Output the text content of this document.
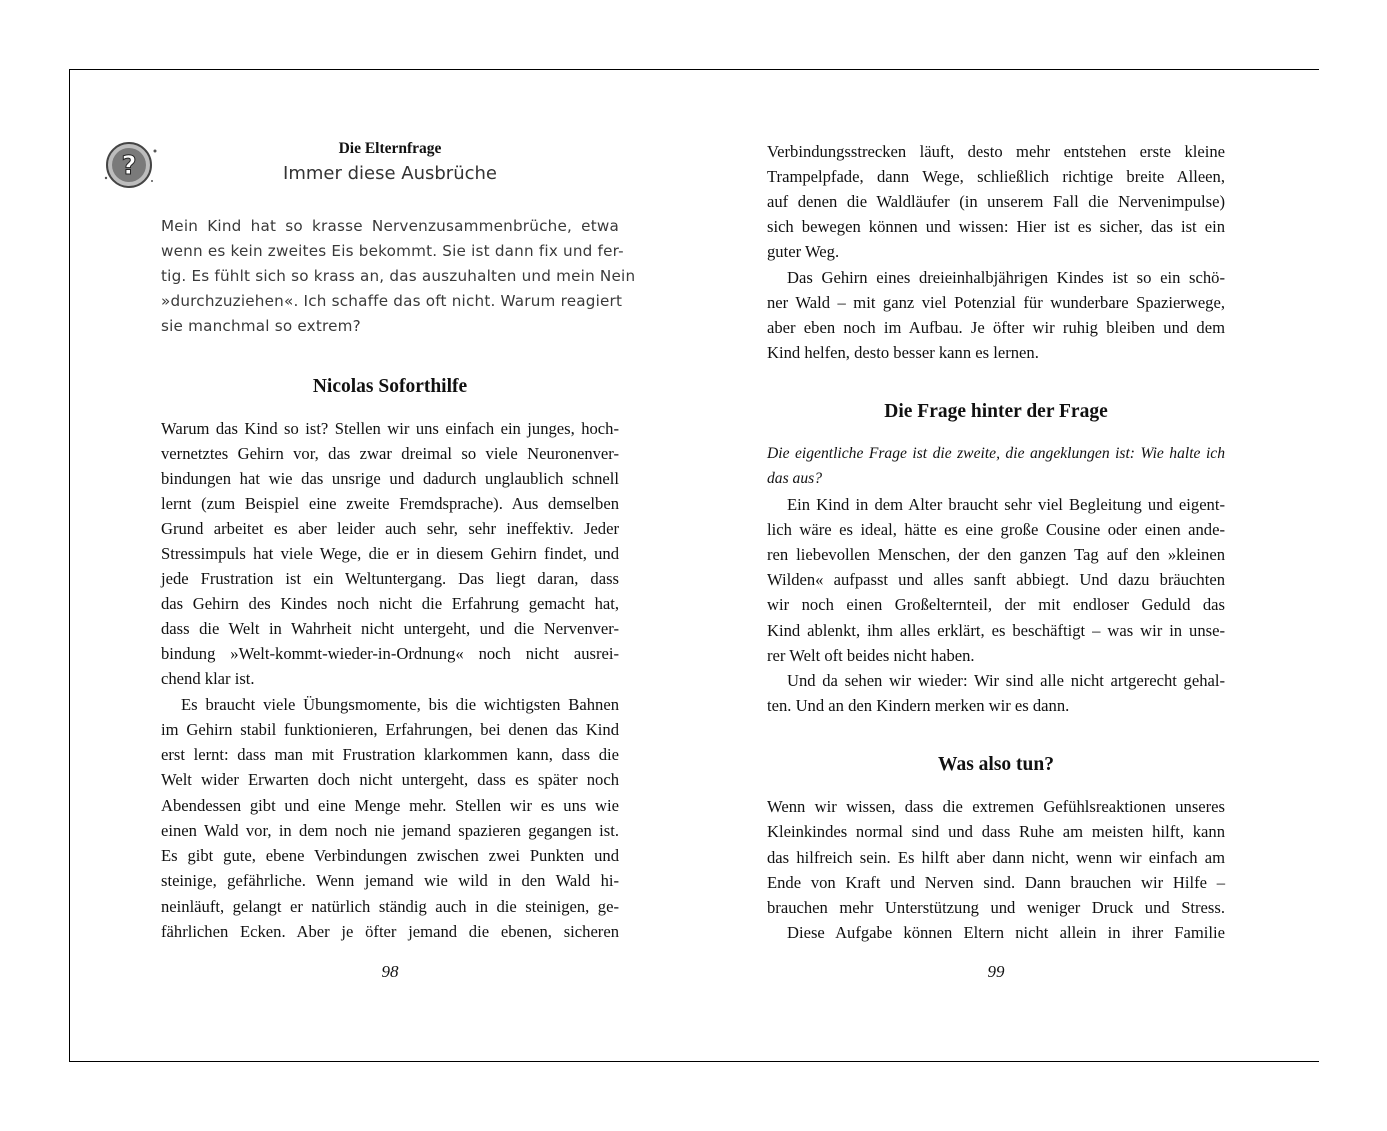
?
Die Elternfrage
Immer diese Ausbrüche
Mein Kind hat so krasse Nervenzusammenbrüche, etwa
wenn es kein zweites Eis bekommt. Sie ist dann fix und fer-
tig. Es fühlt sich so krass an, das auszuhalten und mein Nein
»durchzuziehen«. Ich schaffe das oft nicht. Warum reagiert
sie manchmal so extrem?
Nicolas Soforthilfe
Warum das Kind so ist? Stellen wir uns einfach ein junges, hoch-
vernetztes Gehirn vor, das zwar dreimal so viele Neuronenver-
bindungen hat wie das unsrige und dadurch unglaublich schnell
lernt (zum Beispiel eine zweite Fremdsprache). Aus demselben
Grund arbeitet es aber leider auch sehr, sehr ineffektiv. Jeder
Stressimpuls hat viele Wege, die er in diesem Gehirn findet, und
jede Frustration ist ein Weltuntergang. Das liegt daran, dass
das Gehirn des Kindes noch nicht die Erfahrung gemacht hat,
dass die Welt in Wahrheit nicht untergeht, und die Nervenver-
bindung »Welt-kommt-wieder-in-Ordnung« noch nicht ausrei-
chend klar ist.
Es braucht viele Übungsmomente, bis die wichtigsten Bahnen
im Gehirn stabil funktionieren, Erfahrungen, bei denen das Kind
erst lernt: dass man mit Frustration klarkommen kann, dass die
Welt wider Erwarten doch nicht untergeht, dass es später noch
Abendessen gibt und eine Menge mehr. Stellen wir es uns wie
einen Wald vor, in dem noch nie jemand spazieren gegangen ist.
Es gibt gute, ebene Verbindungen zwischen zwei Punkten und
steinige, gefährliche. Wenn jemand wie wild in den Wald hi-
neinläuft, gelangt er natürlich ständig auch in die steinigen, ge-
fährlichen Ecken. Aber je öfter jemand die ebenen, sicheren
98
Verbindungsstrecken läuft, desto mehr entstehen erste kleine
Trampelpfade, dann Wege, schließlich richtige breite Alleen,
auf denen die Waldläufer (in unserem Fall die Nervenimpulse)
sich bewegen können und wissen: Hier ist es sicher, das ist ein
guter Weg.
Das Gehirn eines dreieinhalbjährigen Kindes ist so ein schö-
ner Wald – mit ganz viel Potenzial für wunderbare Spazierwege,
aber eben noch im Aufbau. Je öfter wir ruhig bleiben und dem
Kind helfen, desto besser kann es lernen.
Die Frage hinter der Frage
Die eigentliche Frage ist die zweite, die angeklungen ist: Wie halte ich
das aus?
Ein Kind in dem Alter braucht sehr viel Begleitung und eigent-
lich wäre es ideal, hätte es eine große Cousine oder einen ande-
ren liebevollen Menschen, der den ganzen Tag auf den »kleinen
Wilden« aufpasst und alles sanft abbiegt. Und dazu bräuchten
wir noch einen Großelternteil, der mit endloser Geduld das
Kind ablenkt, ihm alles erklärt, es beschäftigt – was wir in unse-
rer Welt oft beides nicht haben.
Und da sehen wir wieder: Wir sind alle nicht artgerecht gehal-
ten. Und an den Kindern merken wir es dann.
Was also tun?
Wenn wir wissen, dass die extremen Gefühlsreaktionen unseres
Kleinkindes normal sind und dass Ruhe am meisten hilft, kann
das hilfreich sein. Es hilft aber dann nicht, wenn wir einfach am
Ende von Kraft und Nerven sind. Dann brauchen wir Hilfe –
brauchen mehr Unterstützung und weniger Druck und Stress.
Diese Aufgabe können Eltern nicht allein in ihrer Familie
99
